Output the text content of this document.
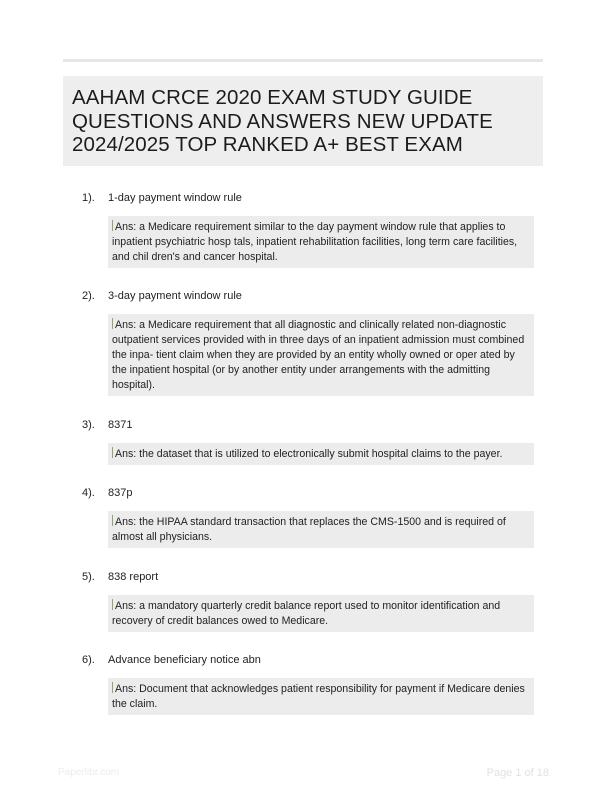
AAHAM CRCE 2020 EXAM STUDY GUIDE QUESTIONS AND ANSWERS NEW UPDATE 2024/2025 TOP RANKED A+ BEST EXAM
1). 1-day payment window rule
Ans: a Medicare requirement similar to the day payment window rule that applies to inpatient psychiatric hosp tals, inpatient rehabilitation facilities, long term care facilities, and chil dren's and cancer hospital.
2). 3-day payment window rule
Ans: a Medicare requirement that all diagnostic and clinically related non-diagnostic outpatient services provided with in three days of an inpatient admission must combined the inpa- tient claim when they are provided by an entity wholly owned or oper ated by the inpatient hospital (or by another entity under arrangements with the admitting hospital).
3). 8371
Ans: the dataset that is utilized to electronically submit hospital claims to the payer.
4). 837p
Ans: the HIPAA standard transaction that replaces the CMS-1500 and is required of almost all physicians.
5). 838 report
Ans: a mandatory quarterly credit balance report used to monitor identification and recovery of credit balances owed to Medicare.
6). Advance beneficiary notice abn
Ans: Document that acknowledges patient responsibility for payment if Medicare denies the claim.
Paperlibr.com	Page 1 of 18
